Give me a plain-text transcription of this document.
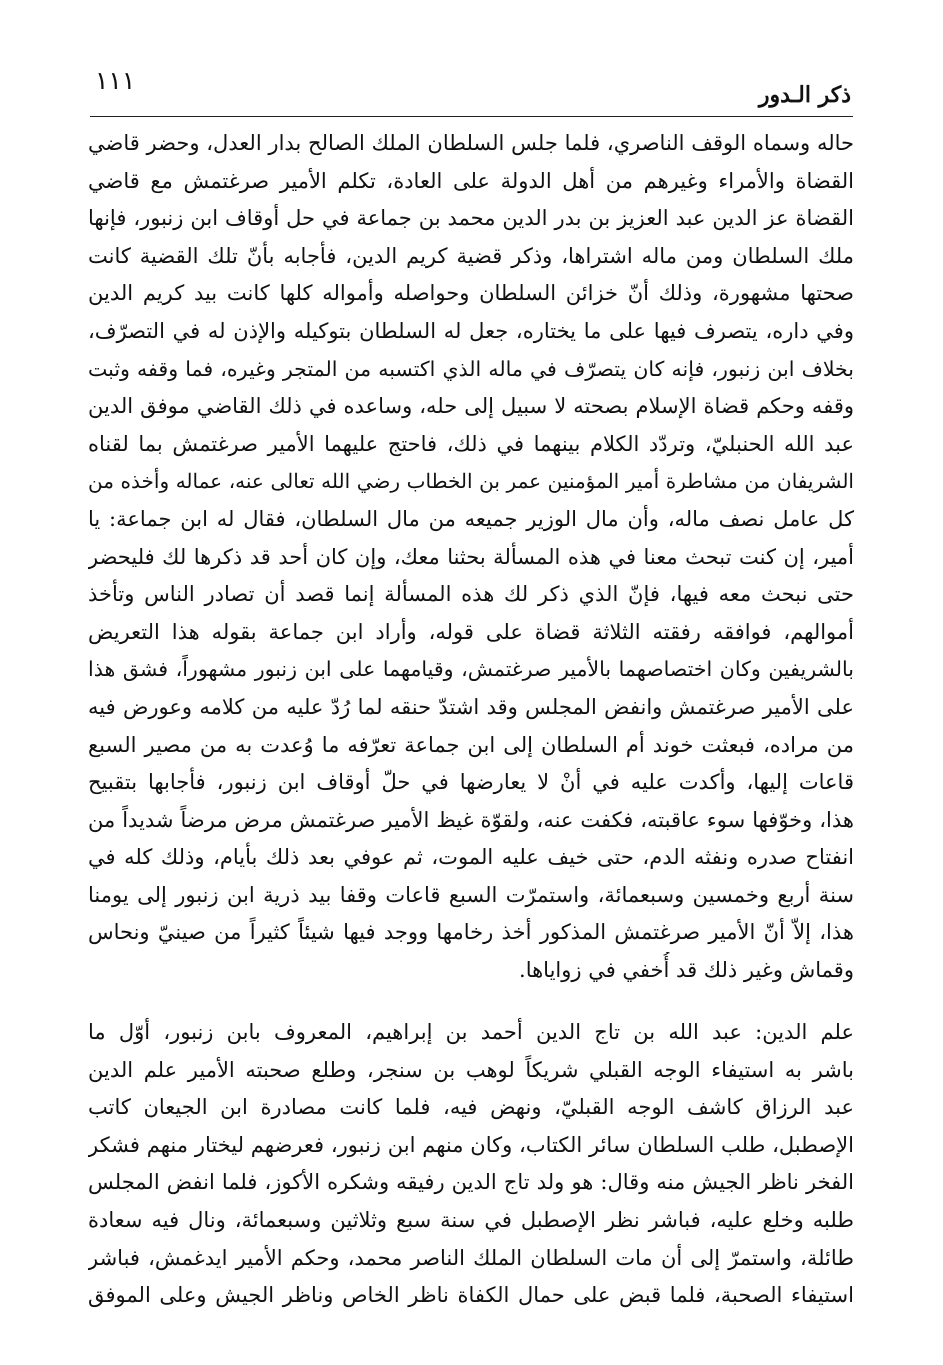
١١١	ذكر الـدور
حاله وسماه الوقف الناصري، فلما جلس السلطان الملك الصالح بدار العدل، وحضر قاضي
القضاة والأمراء وغيرهم من أهل الدولة على العادة، تكلم الأمير صرغتمش مع قاضي
القضاة عز الدين عبد العزيز بن بدر الدين محمد بن جماعة في حل أوقاف ابن زنبور، فإنها
ملك السلطان ومن ماله اشتراها، وذكر قضية كريم الدين، فأجابه بأنّ تلك القضية كانت
صحتها مشهورة، وذلك أنّ خزائن السلطان وحواصله وأمواله كلها كانت بيد كريم الدين
وفي داره، يتصرف فيها على ما يختاره، جعل له السلطان بتوكيله والإذن له في التصرّف،
بخلاف ابن زنبور، فإنه كان يتصرّف في ماله الذي اكتسبه من المتجر وغيره، فما وقفه وثبت
وقفه وحكم قضاة الإسلام بصحته لا سبيل إلى حله، وساعده في ذلك القاضي موفق الدين
عبد الله الحنبليّ، وتردّد الكلام بينهما في ذلك، فاحتج عليهما الأمير صرغتمش بما لقناه
الشريفان من مشاطرة أمير المؤمنين عمر بن الخطاب رضي الله تعالى عنه، عماله وأخذه من
كل عامل نصف ماله، وأن مال الوزير جميعه من مال السلطان، فقال له ابن جماعة: يا
أمير، إن كنت تبحث معنا في هذه المسألة بحثنا معك، وإن كان أحد قد ذكرها لك فليحضر
حتى نبحث معه فيها، فإنّ الذي ذكر لك هذه المسألة إنما قصد أن تصادر الناس وتأخذ
أموالهم، فوافقه رفقته الثلاثة قضاة على قوله، وأراد ابن جماعة بقوله هذا التعريض
بالشريفين وكان اختصاصهما بالأمير صرغتمش، وقيامهما على ابن زنبور مشهوراً، فشق هذا
على الأمير صرغتمش وانفض المجلس وقد اشتدّ حنقه لما رُدّ عليه من كلامه وعورض فيه
من مراده، فبعثت خوند أم السلطان إلى ابن جماعة تعرّفه ما وُعدت به من مصير السبع
قاعات إليها، وأكدت عليه في أنْ لا يعارضها في حلّ أوقاف ابن زنبور، فأجابها بتقبيح
هذا، وخوّفها سوء عاقبته، فكفت عنه، ولقوّة غيظ الأمير صرغتمش مرض مرضاً شديداً من
انفتاح صدره ونفثه الدم، حتى خيف عليه الموت، ثم عوفي بعد ذلك بأيام، وذلك كله في
سنة أربع وخمسين وسبعمائة، واستمرّت السبع قاعات وقفا بيد ذرية ابن زنبور إلى يومنا
هذا، إلاّ أنّ الأمير صرغتمش المذكور أخذ رخامها ووجد فيها شيئاً كثيراً من صينيّ ونحاس
وقماش وغير ذلك قد أُخفي في زواياها.
علم الدين: عبد الله بن تاج الدين أحمد بن إبراهيم، المعروف بابن زنبور، أوّل ما
باشر به استيفاء الوجه القبلي شريكاً لوهب بن سنجر، وطلع صحبته الأمير علم الدين
عبد الرزاق كاشف الوجه القبليّ، ونهض فيه، فلما كانت مصادرة ابن الجيعان كاتب
الإصطبل، طلب السلطان سائر الكتاب، وكان منهم ابن زنبور، فعرضهم ليختار منهم فشكر
الفخر ناظر الجيش منه وقال: هو ولد تاج الدين رفيقه وشكره الأكوز، فلما انفض المجلس
طلبه وخلع عليه، فباشر نظر الإصطبل في سنة سبع وثلاثين وسبعمائة، ونال فيه سعادة
طائلة، واستمرّ إلى أن مات السلطان الملك الناصر محمد، وحكم الأمير ايدغمش، فباشر
استيفاء الصحبة، فلما قبض على حمال الكفاة ناظر الخاص وناظر الجيش وعلى الموفق
